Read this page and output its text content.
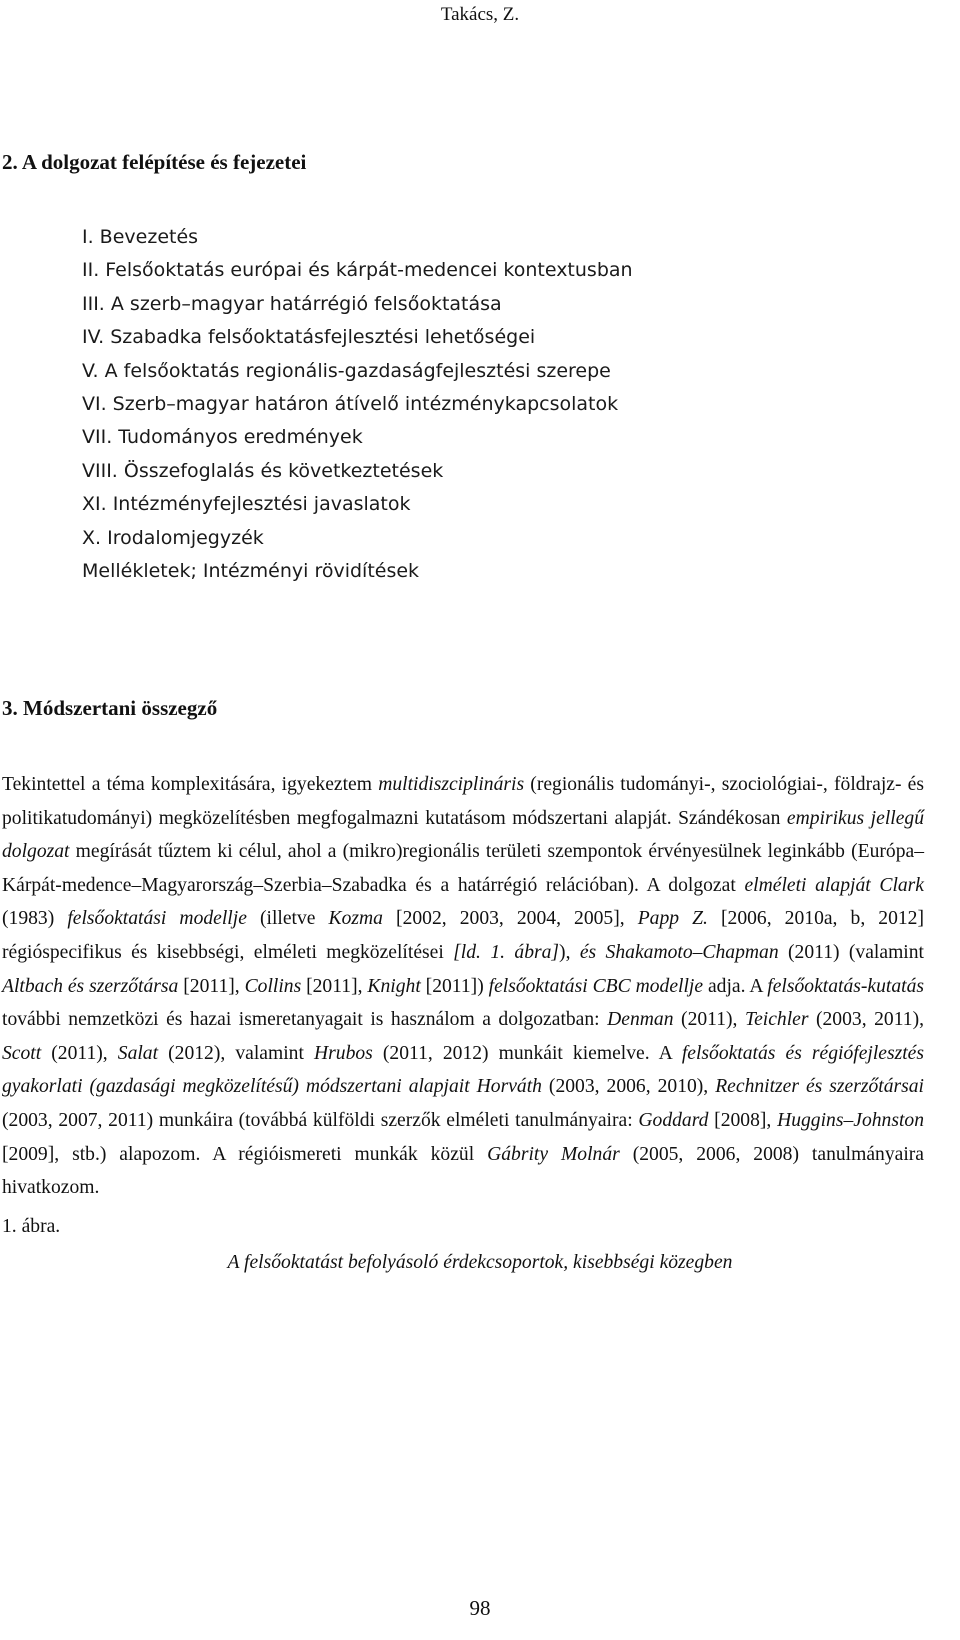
Takács, Z.
2. A dolgozat felépítése és fejezetei
I. Bevezetés
II. Felsőoktatás európai és kárpát-medencei kontextusban
III. A szerb–magyar határrégió felsőoktatása
IV. Szabadka felsőoktatásfejlesztési lehetőségei
V. A felsőoktatás regionális-gazdaságfejlesztési szerepe
VI. Szerb–magyar határon átívelő intézménykapcsolatok
VII. Tudományos eredmények
VIII. Összefoglalás és következtetések
XI. Intézményfejlesztési javaslatok
X. Irodalomjegyzék
Mellékletek; Intézményi rövidítések
3. Módszertani összegző

Tekintettel a téma komplexitására, igyekeztem multidiszciplináris (regionális tudományi-, szociológiai-, földrajz- és politikatudományi) megközelítésben megfogalmazni kutatásom módszertani alapját. Szándékosan empirikus jellegű dolgozat megírását tűztem ki célul, ahol a (mikro)regionális területi szempontok érvényesülnek leginkább (Európa–Kárpát-medence–Magyarország–Szerbia–Szabadka és a határrégió relációban). A dolgozat elméleti alapját Clark (1983) felsőoktatási modellje (illetve Kozma [2002, 2003, 2004, 2005], Papp Z. [2006, 2010a, b, 2012] régióspecifikus és kisebbségi, elméleti megközelítései [ld. 1. ábra]), és Shakamoto–Chapman (2011) (valamint Altbach és szerzőtársa [2011], Collins [2011], Knight [2011]) felsőoktatási CBC modellje adja. A felsőoktatás-kutatás további nemzetközi és hazai ismeretanyagait is használom a dolgozatban: Denman (2011), Teichler (2003, 2011), Scott (2011), Salat (2012), valamint Hrubos (2011, 2012) munkáit kiemelve. A felsőoktatás és régiófejlesztés gyakorlati (gazdasági megközelítésű) módszertani alapjait Horváth (2003, 2006, 2010), Rechnitzer és szerzőtársai (2003, 2007, 2011) munkáira (továbbá külföldi szerzők elméleti tanulmányaira: Goddard [2008], Huggins–Johnston [2009], stb.) alapozom. A régióismereti munkák közül Gábrity Molnár (2005, 2006, 2008) tanulmányaira hivatkozom.

1. ábra.
A felsőoktatást befolyásoló érdekcsoportok, kisebbségi közegben
98
